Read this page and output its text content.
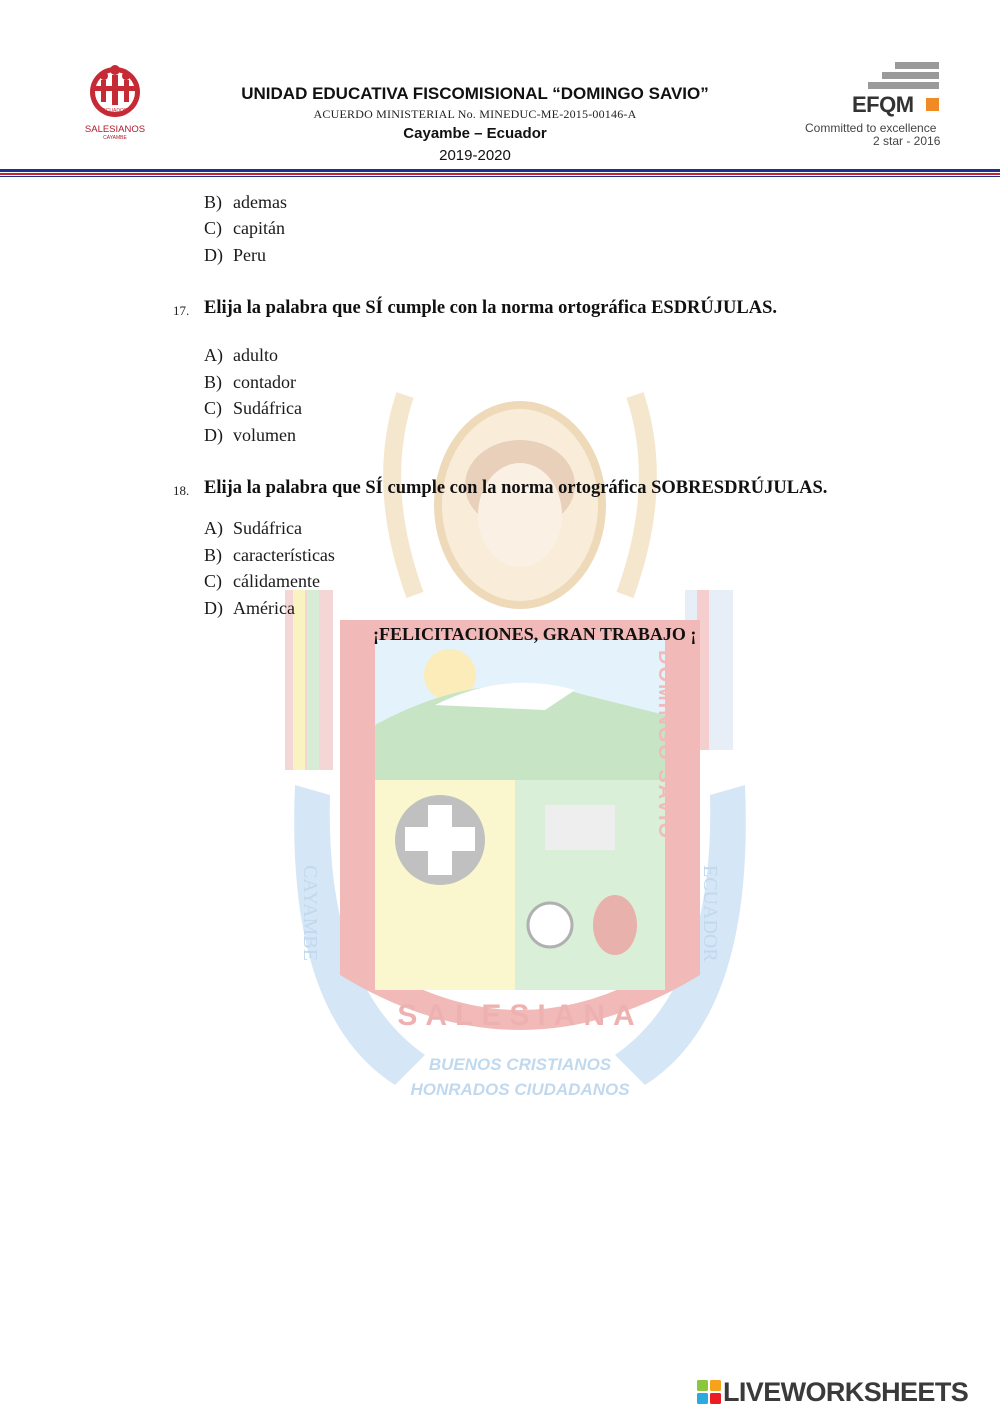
ECUADOR
SALESIANOS
CAYAMBE
UNIDAD EDUCATIVA FISCOMISIONAL “DOMINGO SAVIO”
ACUERDO MINISTERIAL No. MINEDUC-ME-2015-00146-A
Cayambe – Ecuador
2019-2020
EFQM
Committed to excellence
2 star - 2016
UNIDAD EDUCATIVA	DOMINGO SAVIO
CAYAMBE	ECUADOR
SALESIANA
BUENOS CRISTIANOS
HONRADOS CIUDADANOS
B) ademas
C) capitán
D) Peru
17. Elija la palabra que SÍ cumple con la norma ortográfica ESDRÚJULAS.
A) adulto
B) contador
C) Sudáfrica
D) volumen
18. Elija la palabra que SÍ cumple con la norma ortográfica SOBRESDRÚJULAS.
A) Sudáfrica
B) características
C) cálidamente
D) América
¡FELICITACIONES, GRAN TRABAJO ¡
LIVEWORKSHEETS
